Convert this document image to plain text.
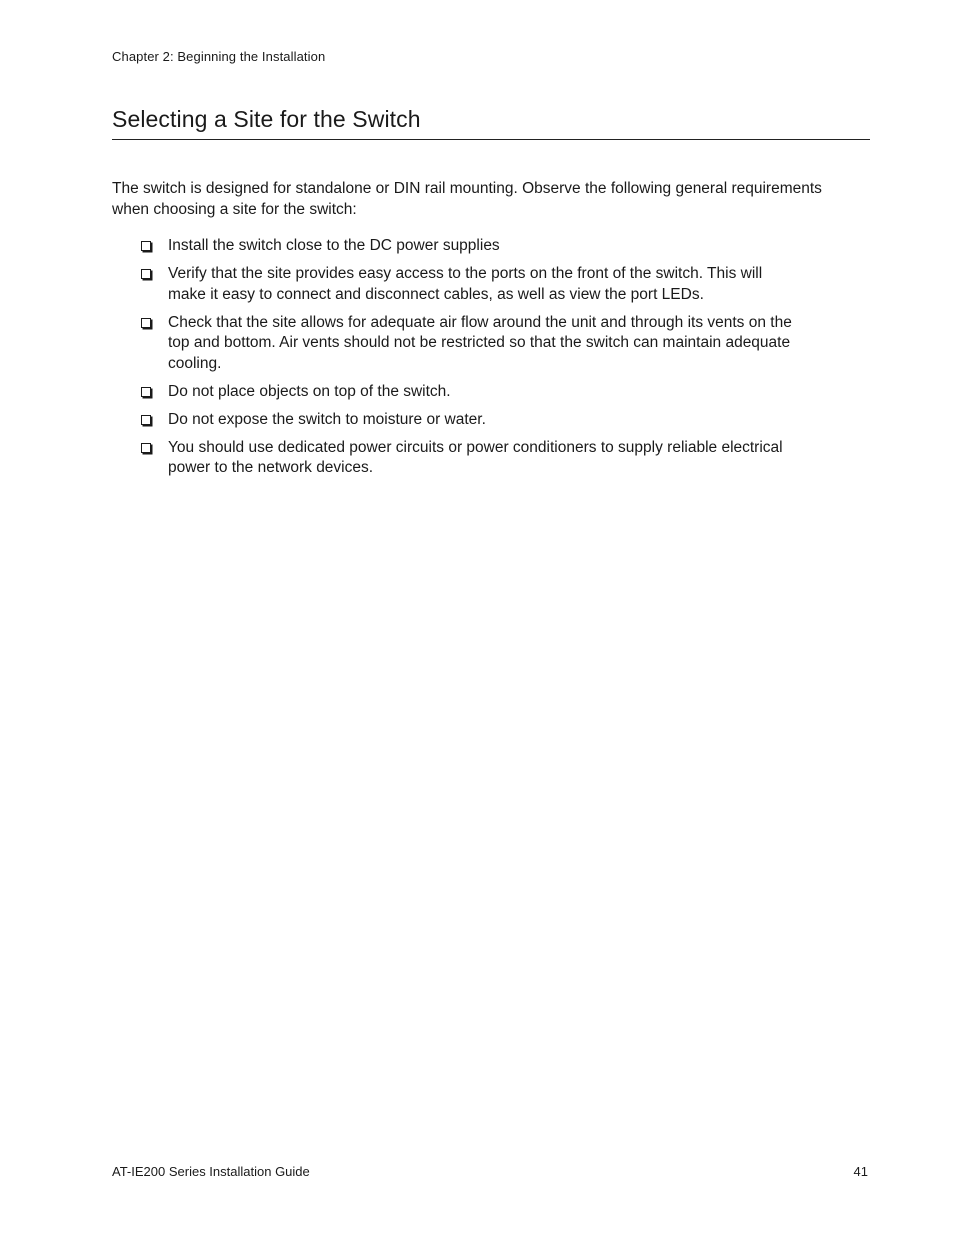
Chapter 2: Beginning the Installation
Selecting a Site for the Switch

The switch is designed for standalone or DIN rail mounting. Observe the following general requirements when choosing a site for the switch:

Install the switch close to the DC power supplies
Verify that the site provides easy access to the ports on the front of the switch. This will make it easy to connect and disconnect cables, as well as view the port LEDs.
Check that the site allows for adequate air flow around the unit and through its vents on the top and bottom. Air vents should not be restricted so that the switch can maintain adequate cooling.
Do not place objects on top of the switch.
Do not expose the switch to moisture or water.
You should use dedicated power circuits or power conditioners to supply reliable electrical power to the network devices.
AT-IE200 Series Installation Guide	41
